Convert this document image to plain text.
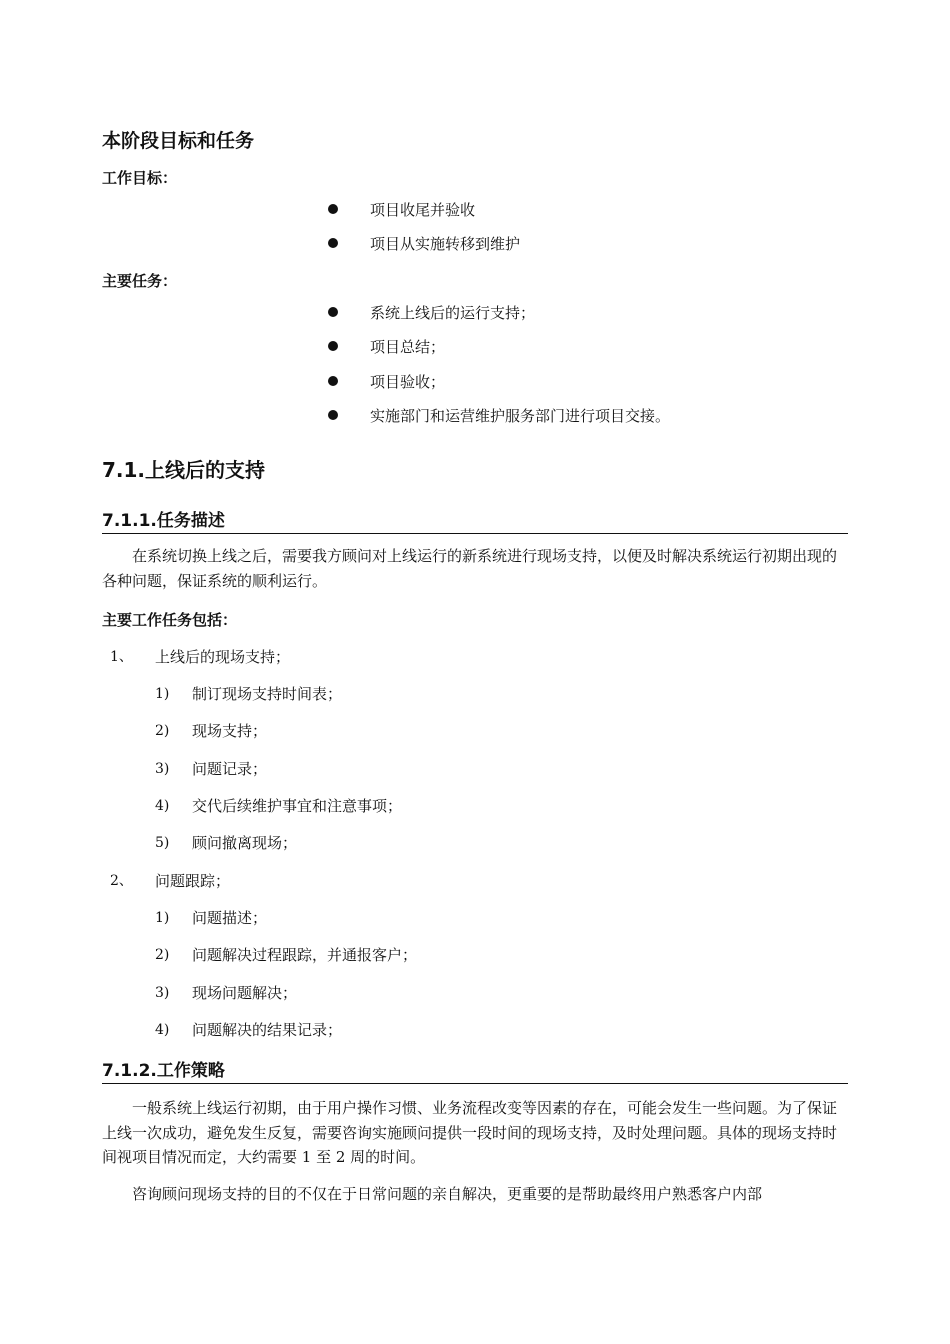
本阶段目标和任务
工作目标：
项目收尾并验收
项目从实施转移到维护
主要任务：
系统上线后的运行支持；
项目总结；
项目验收；
实施部门和运营维护服务部门进行项目交接。
7.1.上线后的支持
7.1.1.任务描述
在系统切换上线之后，需要我方顾问对上线运行的新系统进行现场支持，以便及时解决系统运行初期出现的各种问题，保证系统的顺利运行。
主要工作任务包括：
1、 上线后的现场支持；
1) 制订现场支持时间表；
2) 现场支持；
3) 问题记录；
4) 交代后续维护事宜和注意事项；
5) 顾问撤离现场；
2、 问题跟踪；
1) 问题描述；
2) 问题解决过程跟踪，并通报客户；
3) 现场问题解决；
4) 问题解决的结果记录；
7.1.2.工作策略
一般系统上线运行初期，由于用户操作习惯、业务流程改变等因素的存在，可能会发生一些问题。为了保证上线一次成功，避免发生反复，需要咨询实施顾问提供一段时间的现场支持，及时处理问题。具体的现场支持时间视项目情况而定，大约需要 1 至 2 周的时间。
咨询顾问现场支持的目的不仅在于日常问题的亲自解决，更重要的是帮助最终用户熟悉客户内部
